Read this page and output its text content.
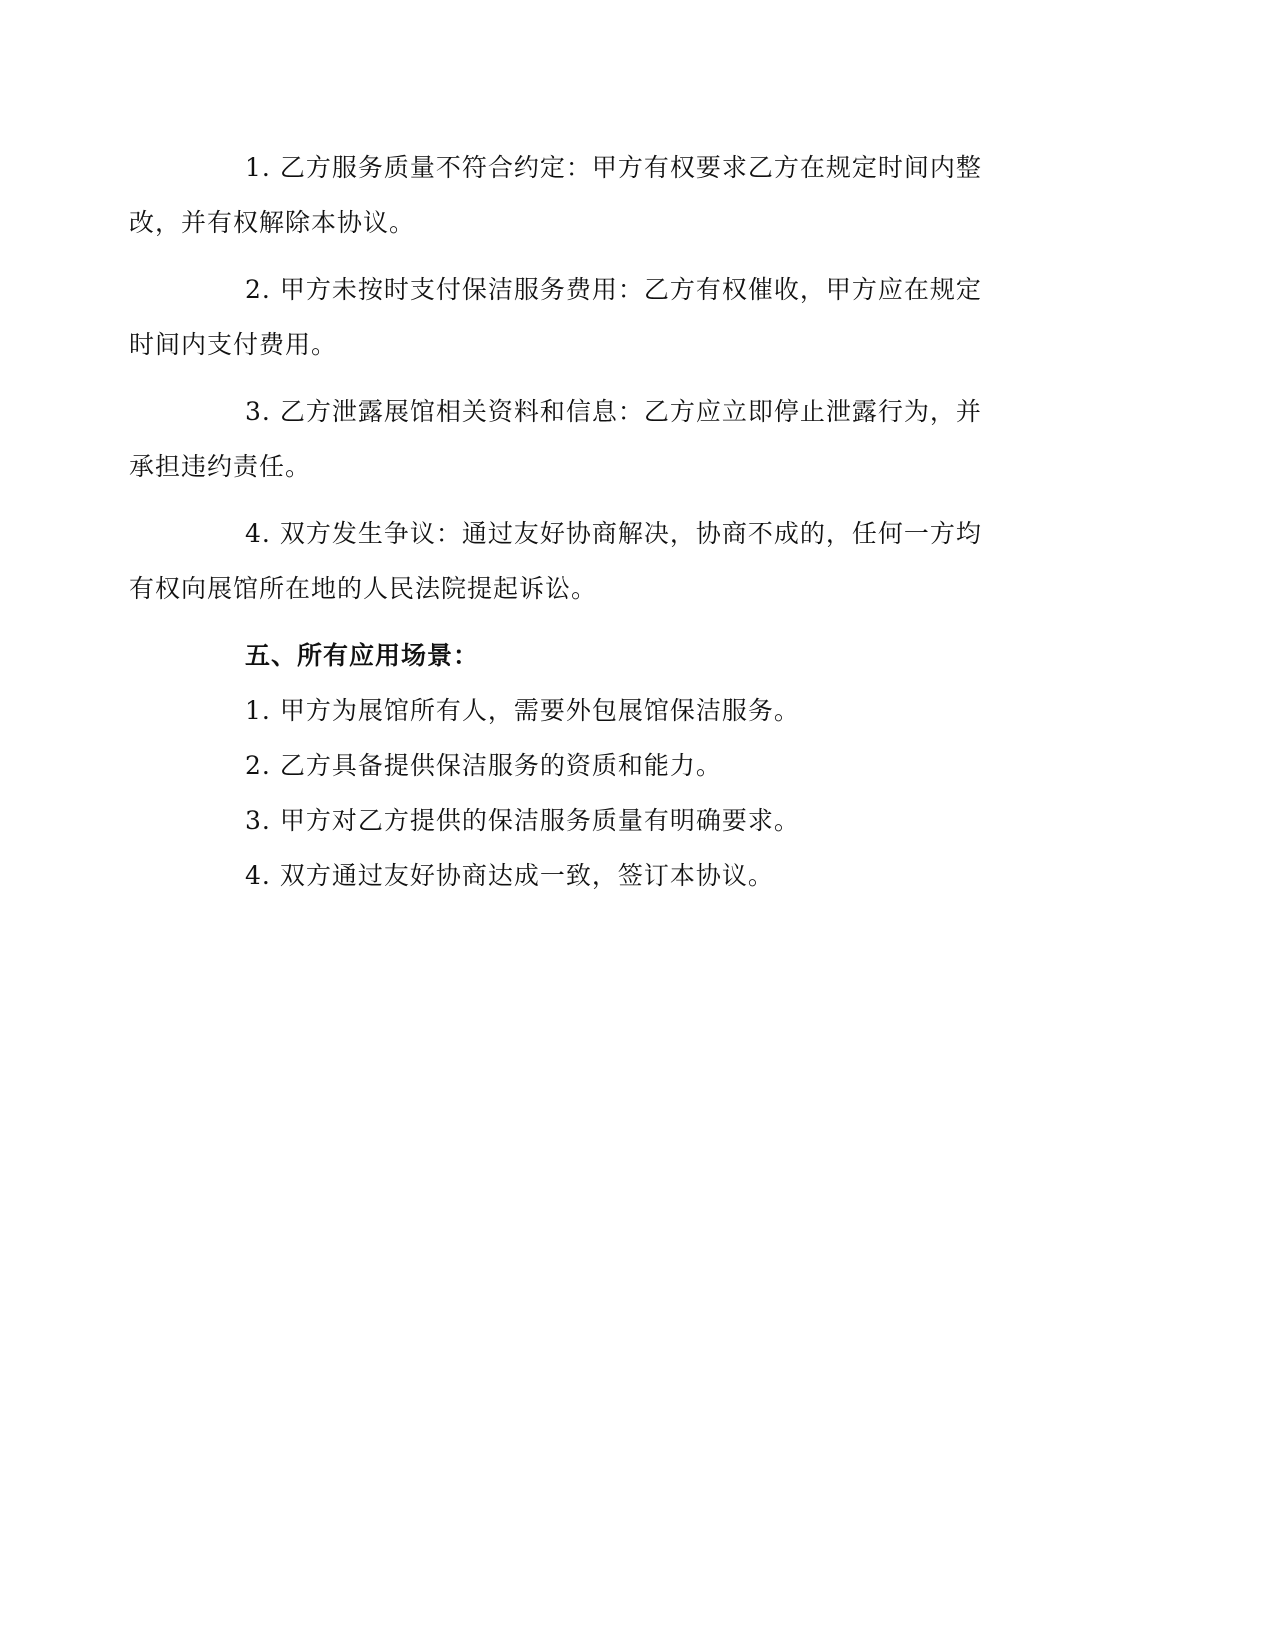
1. 乙方服务质量不符合约定：甲方有权要求乙方在规定时间内整
改，并有权解除本协议。
2. 甲方未按时支付保洁服务费用：乙方有权催收，甲方应在规定
时间内支付费用。
3. 乙方泄露展馆相关资料和信息：乙方应立即停止泄露行为，并
承担违约责任。
4. 双方发生争议：通过友好协商解决，协商不成的，任何一方均
有权向展馆所在地的人民法院提起诉讼。
五、所有应用场景：
1. 甲方为展馆所有人，需要外包展馆保洁服务。
2. 乙方具备提供保洁服务的资质和能力。
3. 甲方对乙方提供的保洁服务质量有明确要求。
4. 双方通过友好协商达成一致，签订本协议。
